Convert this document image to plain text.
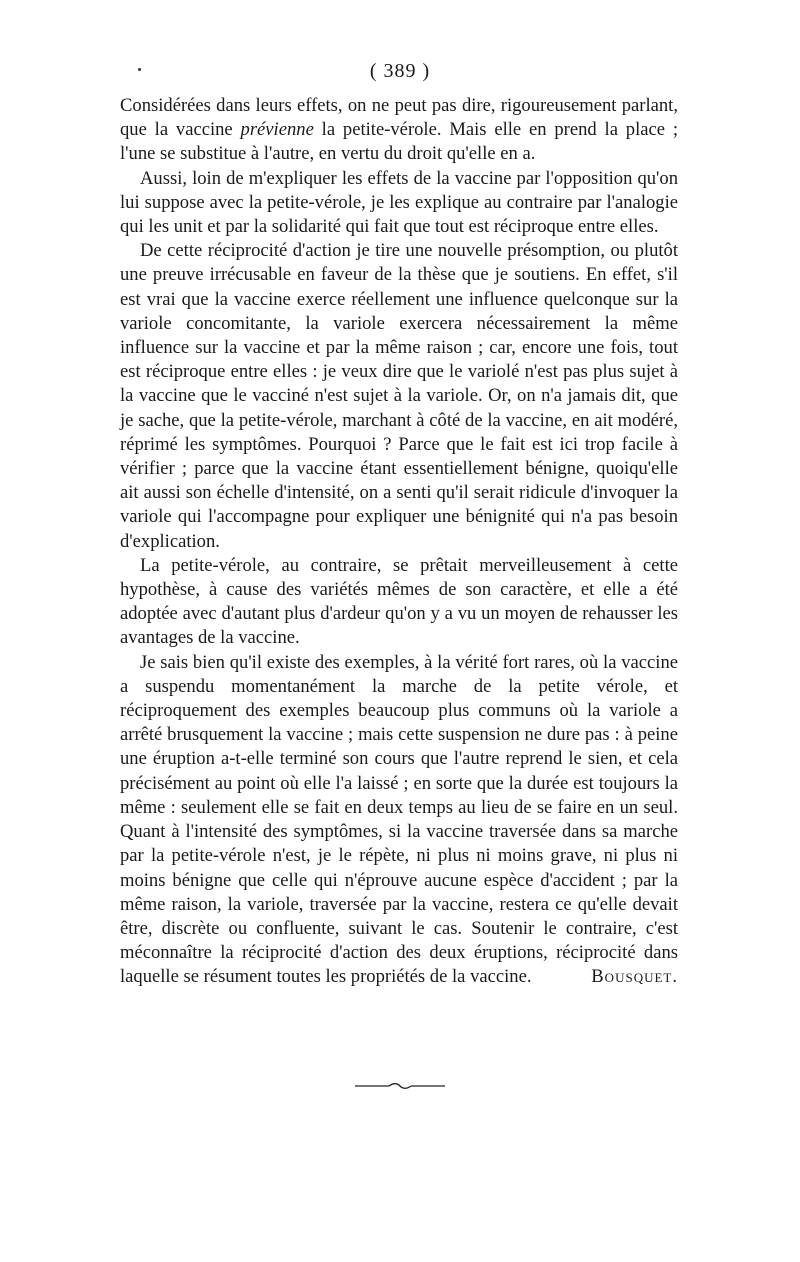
( 389 )

Considérées dans leurs effets, on ne peut pas dire, rigoureusement parlant, que la vaccine prévienne la petite-vérole. Mais elle en prend la place ; l'une se substitue à l'autre, en vertu du droit qu'elle en a.

Aussi, loin de m'expliquer les effets de la vaccine par l'opposition qu'on lui suppose avec la petite-vérole, je les explique au contraire par l'analogie qui les unit et par la solidarité qui fait que tout est réciproque entre elles.

De cette réciprocité d'action je tire une nouvelle présomption, ou plutôt une preuve irrécusable en faveur de la thèse que je soutiens. En effet, s'il est vrai que la vaccine exerce réellement une influence quelconque sur la variole concomitante, la variole exercera nécessairement la même influence sur la vaccine et par la même raison ; car, encore une fois, tout est réciproque entre elles : je veux dire que le variolé n'est pas plus sujet à la vaccine que le vacciné n'est sujet à la variole. Or, on n'a jamais dit, que je sache, que la petite-vérole, marchant à côté de la vaccine, en ait modéré, réprimé les symptômes. Pourquoi ? Parce que le fait est ici trop facile à vérifier ; parce que la vaccine étant essentiellement bénigne, quoiqu'elle ait aussi son échelle d'intensité, on a senti qu'il serait ridicule d'invoquer la variole qui l'accompagne pour expliquer une bénignité qui n'a pas besoin d'explication.

La petite-vérole, au contraire, se prêtait merveilleusement à cette hypothèse, à cause des variétés mêmes de son caractère, et elle a été adoptée avec d'autant plus d'ardeur qu'on y a vu un moyen de rehausser les avantages de la vaccine.

Je sais bien qu'il existe des exemples, à la vérité fort rares, où la vaccine a suspendu momentanément la marche de la petite vérole, et réciproquement des exemples beaucoup plus communs où la variole a arrêté brusquement la vaccine ; mais cette suspension ne dure pas : à peine une éruption a-t-elle terminé son cours que l'autre reprend le sien, et cela précisément au point où elle l'a laissé ; en sorte que la durée est toujours la même : seulement elle se fait en deux temps au lieu de se faire en un seul. Quant à l'intensité des symptômes, si la vaccine traversée dans sa marche par la petite-vérole n'est, je le répète, ni plus ni moins grave, ni plus ni moins bénigne que celle qui n'éprouve aucune espèce d'accident ; par la même raison, la variole, traversée par la vaccine, restera ce qu'elle devait être, discrète ou confluente, suivant le cas. Soutenir le contraire, c'est méconnaître la réciprocité d'action des deux éruptions, réciprocité dans laquelle se résument toutes les propriétés de la vaccine.	Bousquet.
